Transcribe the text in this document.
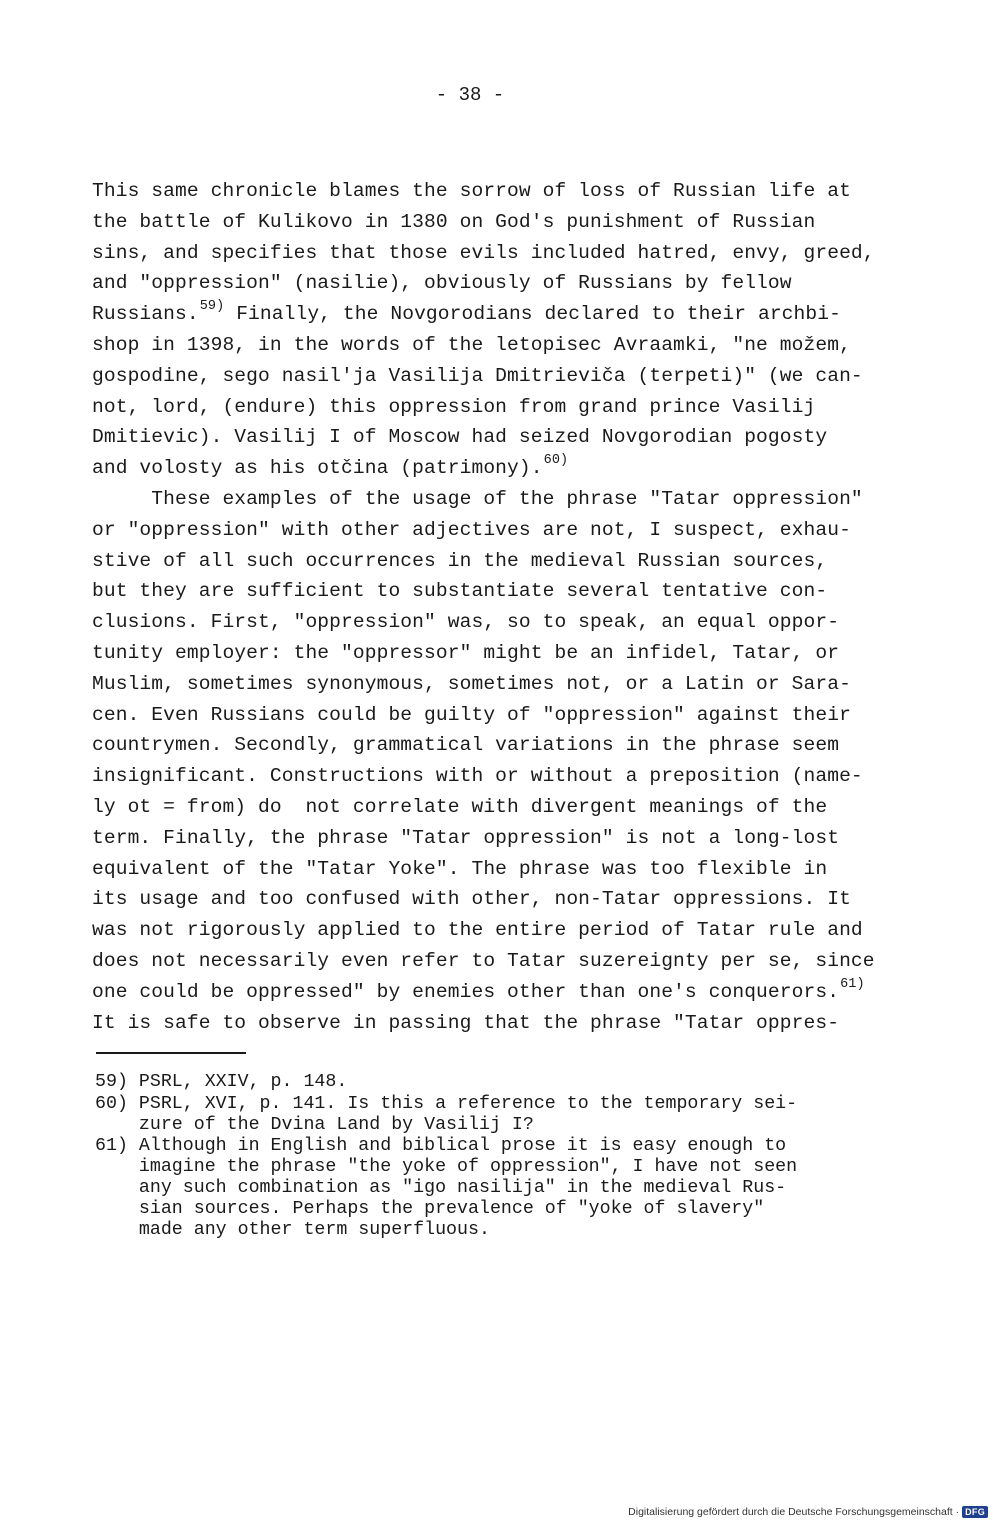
- 38 -
This same chronicle blames the sorrow of loss of Russian life at
the battle of Kulikovo in 1380 on God's punishment of Russian
sins, and specifies that those evils included hatred, envy, greed,
and "oppression" (nasilie), obviously of Russians by fellow
Russians.$^{59)}$ Finally, the Novgorodians declared to their archbi-
shop in 1398, in the words of the letopisec Avraamki, "ne možem,
gospodine, sego nasil'ja Vasilija Dmitrieviča (terpeti)" (we can-
not, lord, (endure) this oppression from grand prince Vasilij
Dmitievic). Vasilij I of Moscow had seized Novgorodian pogosty
and volosty as his otčina (patrimony).$^{60)}$
These examples of the usage of the phrase "Tatar oppression"
or "oppression" with other adjectives are not, I suspect, exhau-
stive of all such occurrences in the medieval Russian sources,
but they are sufficient to substantiate several tentative con-
clusions. First, "oppression" was, so to speak, an equal oppor-
tunity employer: the "oppressor" might be an infidel, Tatar, or
Muslim, sometimes synonymous, sometimes not, or a Latin or Sara-
cen. Even Russians could be guilty of "oppression" against their
countrymen. Secondly, grammatical variations in the phrase seem
insignificant. Constructions with or without a preposition (name-
ly ot = from) do  not correlate with divergent meanings of the
term. Finally, the phrase "Tatar oppression" is not a long-lost
equivalent of the "Tatar Yoke". The phrase was too flexible in
its usage and too confused with other, non-Tatar oppressions. It
was not rigorously applied to the entire period of Tatar rule and
does not necessarily even refer to Tatar suzereignty per se, since
one could be oppressed" by enemies other than one's conquerors.$^{61)}$
It is safe to observe in passing that the phrase "Tatar oppres-
59) PSRL, XXIV, p. 148.
60) PSRL, XVI, p. 141. Is this a reference to the temporary sei-
zure of the Dvina Land by Vasilij I?
61) Although in English and biblical prose it is easy enough to
imagine the phrase "the yoke of oppression", I have not seen
any such combination as "igo nasilija" in the medieval Rus-
sian sources. Perhaps the prevalence of "yoke of slavery"
made any other term superfluous.
Digitalisierung gefördert durch die Deutsche Forschungsgemeinschaft · DFG
